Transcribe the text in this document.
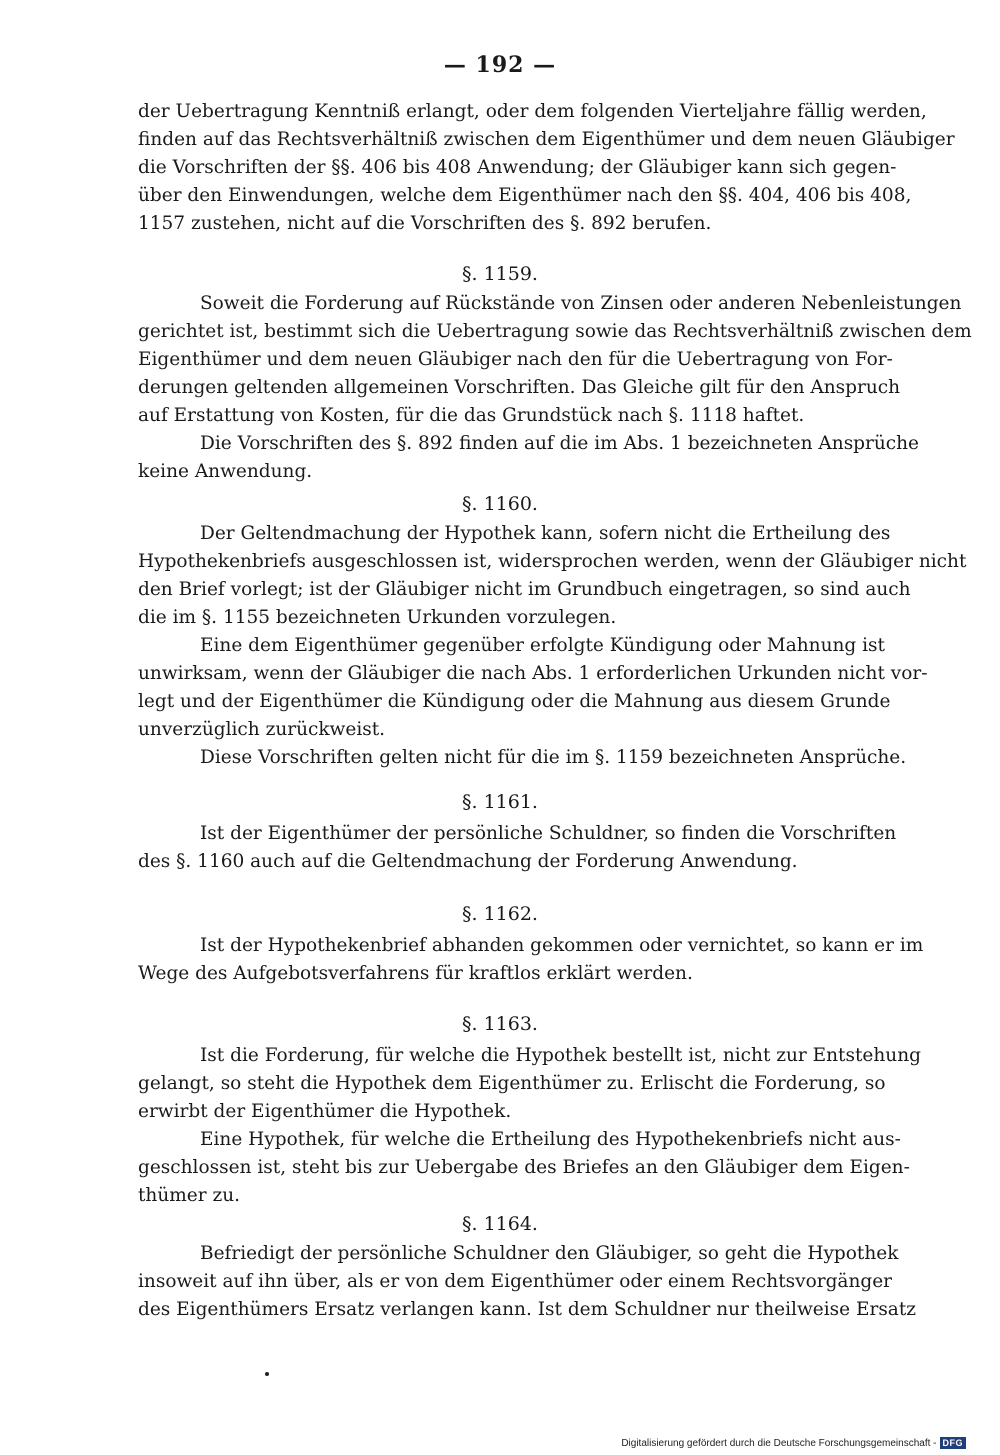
— 192 —
der Uebertragung Kenntniß erlangt, oder dem folgenden Vierteljahre fällig werden,
finden auf das Rechtsverhältniß zwischen dem Eigenthümer und dem neuen Gläubiger
die Vorschriften der §§. 406 bis 408 Anwendung; der Gläubiger kann sich gegen-
über den Einwendungen, welche dem Eigenthümer nach den §§. 404, 406 bis 408,
1157 zustehen, nicht auf die Vorschriften des §. 892 berufen.
§. 1159.
Soweit die Forderung auf Rückstände von Zinsen oder anderen Nebenleistungen
gerichtet ist, bestimmt sich die Uebertragung sowie das Rechtsverhältniß zwischen dem
Eigenthümer und dem neuen Gläubiger nach den für die Uebertragung von For-
derungen geltenden allgemeinen Vorschriften. Das Gleiche gilt für den Anspruch
auf Erstattung von Kosten, für die das Grundstück nach §. 1118 haftet.
Die Vorschriften des §. 892 finden auf die im Abs. 1 bezeichneten Ansprüche
keine Anwendung.
§. 1160.
Der Geltendmachung der Hypothek kann, sofern nicht die Ertheilung des
Hypothekenbriefs ausgeschlossen ist, widersprochen werden, wenn der Gläubiger nicht
den Brief vorlegt; ist der Gläubiger nicht im Grundbuch eingetragen, so sind auch
die im §. 1155 bezeichneten Urkunden vorzulegen.
Eine dem Eigenthümer gegenüber erfolgte Kündigung oder Mahnung ist
unwirksam, wenn der Gläubiger die nach Abs. 1 erforderlichen Urkunden nicht vor-
legt und der Eigenthümer die Kündigung oder die Mahnung aus diesem Grunde
unverzüglich zurückweist.
Diese Vorschriften gelten nicht für die im §. 1159 bezeichneten Ansprüche.
§. 1161.
Ist der Eigenthümer der persönliche Schuldner, so finden die Vorschriften
des §. 1160 auch auf die Geltendmachung der Forderung Anwendung.
§. 1162.
Ist der Hypothekenbrief abhanden gekommen oder vernichtet, so kann er im
Wege des Aufgebotsverfahrens für kraftlos erklärt werden.
§. 1163.
Ist die Forderung, für welche die Hypothek bestellt ist, nicht zur Entstehung
gelangt, so steht die Hypothek dem Eigenthümer zu. Erlischt die Forderung, so
erwirbt der Eigenthümer die Hypothek.
Eine Hypothek, für welche die Ertheilung des Hypothekenbriefs nicht aus-
geschlossen ist, steht bis zur Uebergabe des Briefes an den Gläubiger dem Eigen-
thümer zu.
§. 1164.
Befriedigt der persönliche Schuldner den Gläubiger, so geht die Hypothek
insoweit auf ihn über, als er von dem Eigenthümer oder einem Rechtsvorgänger
des Eigenthümers Ersatz verlangen kann. Ist dem Schuldner nur theilweise Ersatz
Digitalisierung gefördert durch die Deutsche Forschungsgemeinschaft - DFG
